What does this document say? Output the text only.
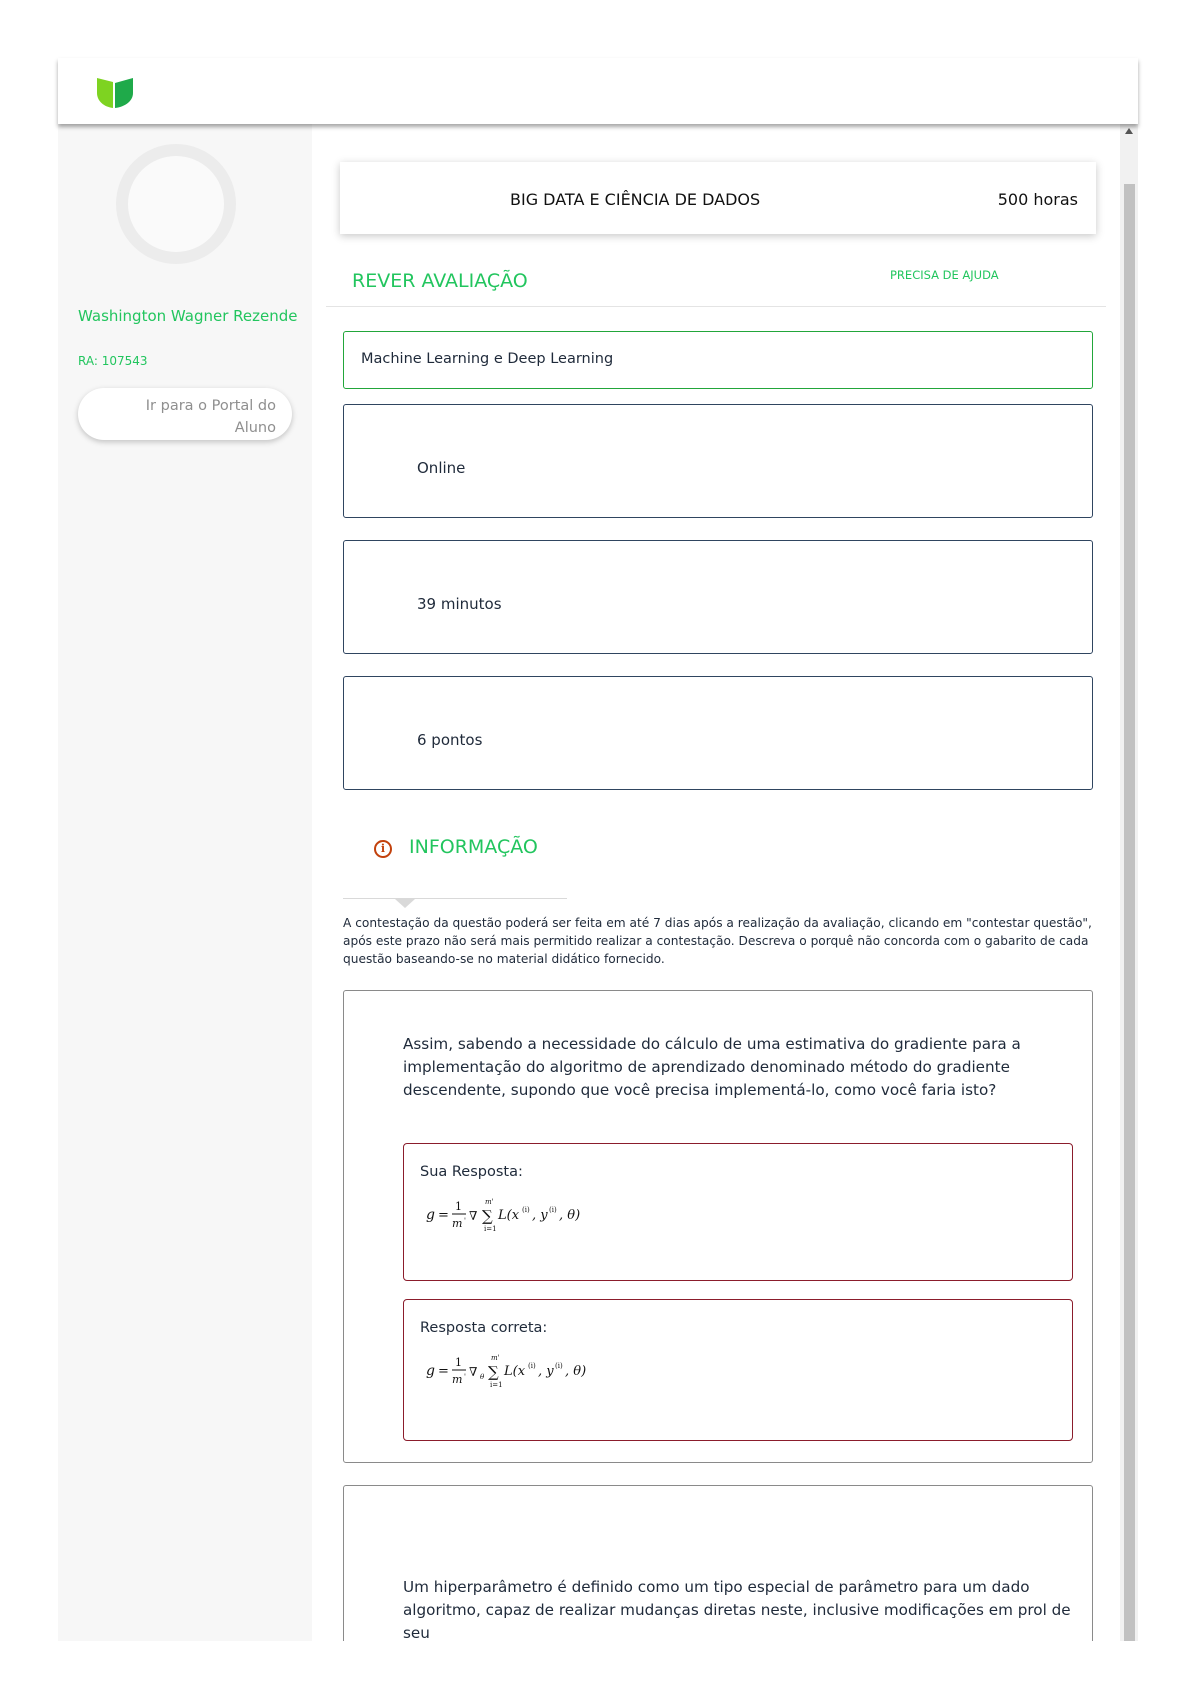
Washington Wagner Rezende
RA: 107543
Ir para o Portal do Aluno
BIG DATA E CIÊNCIA DE DADOS	500 horas
REVER AVALIAÇÃO	PRECISA DE AJUDA
Machine Learning e Deep Learning
Online
39 minutos
6 pontos
i	INFORMAÇÃO
A contestação da questão poderá ser feita em até 7 dias após a realização da avaliação, clicando em "contestar questão", após este prazo não será mais permitido realizar a contestação. Descreva o porquê não concorda com o gabarito de cada questão baseando-se no material didático fornecido.
Assim, sabendo a necessidade do cálculo de uma estimativa do gradiente para a implementação do algoritmo de aprendizado denominado método do gradiente descendente, supondo que você precisa implementá-lo, como você faria isto?
Sua Resposta:
g =
1
m ' ∇ ∑
m'
i=1
L(x (i) , y (i) , θ)
Resposta correta:
g =
1
m ' ∇ θ ∑
m'
i=1
L(x (i) , y (i) , θ)
Um hiperparâmetro é definido como um tipo especial de parâmetro para um dado algoritmo, capaz de realizar mudanças diretas neste, inclusive modificações em prol de seu
